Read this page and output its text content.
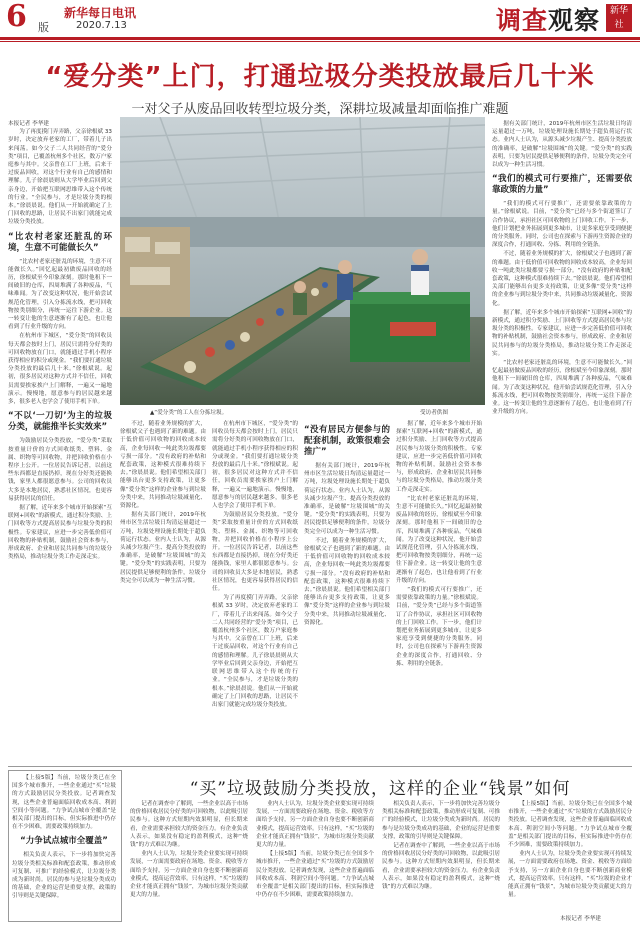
6 版
新华每日电讯
2020.7.13	调查 观察	新华社
“爱分类”上门，打通垃圾分类投放最后几十米
一对父子从废品回收转型垃圾分类，深耕垃圾减量却面临推广难题
本报记者 李华建

为了再度摸门弄弄路，父亲徐根斌 33 岁时，决定放弃老家的工厂，带着儿子出来闯荡。如今父子二人共同经营的“爱分类”项目，已覆盖杭州多个社区，数万户家庭参与其中。父亲曾在工厂上班，后来干过废品回收，对这个行业有自己的感情和理解。儿子徐晨晨则从大学毕业后回到父亲身边，开始把互联网思维带入这个传统的行业。“全民参与，才是垃圾分类的根本。”徐晨晨说。他们从一开始就确定了上门回收的思路，让居民不出家门就能完成垃圾分类投放。

“比农村老家还脏乱的环境，生意不可能做长久”

“比农村老家还脏乱的环境，生意不可能做长久。”回忆起最初做废品回收的经历，徐根斌至今印象深刻。那时他租下一间破旧的仓库，四周堆满了各种废品，气味难闻。为了改变这种状况，他开始尝试规范化管理，引入分拣流水线，把可回收物按类别细分，再统一运往下游企业。这一转变让他的生意逐渐有了起色，也让他看到了行业升级的方向。

在杭州市下城区，“爱分类”的回收员每天都会按时上门，居民只需将分好类的可回收物放在门口，就能通过手机小程序获得相应的积分或现金。“我们要打通垃圾分类投放的最后几十米。”徐根斌说。起初，很多居民对这种方式并不信任，回收员需要挨家挨户上门解释，一遍又一遍地演示。慢慢地，愿意参与的居民越来越多，很多老人也学会了使用手机下单。

“不以‘一刀切’为主的垃圾分类，就能推半长实效来”

为鼓励居民分类投放，“爱分类”采取按重量计价的方式回收纸类、塑料、金属、织物等可回收物，并把回收价格在小程序上公开。一位居民告诉记者，以前这些东西都是直接扔掉，现在分好类还能换钱，家里人都很愿意参与。公司的回收员大多是本地居民，熟悉社区情况，也更容易获得居民的信任。

据了解，近年来多个城市开始探索“互联网+回收”的新模式，通过积分奖励、上门回收等方式提高居民参与垃圾分类的积极性。专家建议，应进一步完善低价值可回收物的补贴机制，鼓励社会资本参与，形成政府、企业和居民共同参与的垃圾分类格局，推动垃圾分类工作走深走实。

▲“爱分类”的工人在分拣垃圾。	受访者供图

不过，随着业务规模的扩大，徐根斌父子也遇到了新的难题。由于低价值可回收物的回收成本较高，企业每回收一吨此类垃圾都要亏损一部分。“没有政府的补贴和配套政策，这种模式很难持续下去。”徐晨晨说。他们希望相关部门能够出台更多支持政策，让更多像“爱分类”这样的企业参与到垃圾分类中来，共同推动垃圾减量化、资源化。

据有关部门统计，2019年杭州市区生活垃圾日均清运量超过一万吨，垃圾处理设施长期处于超负荷运行状态。业内人士认为，从源头减少垃圾产生、提高分类投放的准确率，是破解“垃圾围城”的关键。“爱分类”的实践表明，只要为居民提供足够便利的条件，垃圾分类完全可以成为一种生活习惯。

在杭州市下城区，“爱分类”的回收员每天都会按时上门，居民只需将分好类的可回收物放在门口，就能通过手机小程序获得相应的积分或现金。“我们要打通垃圾分类投放的最后几十米。”徐根斌说。起初，很多居民对这种方式并不信任，回收员需要挨家挨户上门解释，一遍又一遍地演示。慢慢地，愿意参与的居民越来越多，很多老人也学会了使用手机下单。

为鼓励居民分类投放，“爱分类”采取按重量计价的方式回收纸类、塑料、金属、织物等可回收物，并把回收价格在小程序上公开。一位居民告诉记者，以前这些东西都是直接扔掉，现在分好类还能换钱，家里人都很愿意参与。公司的回收员大多是本地居民，熟悉社区情况，也更容易获得居民的信任。

为了再度摸门弄弄路，父亲徐根斌 33 岁时，决定放弃老家的工厂，带着儿子出来闯荡。如今父子二人共同经营的“爱分类”项目，已覆盖杭州多个社区，数万户家庭参与其中。父亲曾在工厂上班，后来干过废品回收，对这个行业有自己的感情和理解。儿子徐晨晨则从大学毕业后回到父亲身边，开始把互联网思维带入这个传统的行业。“全民参与，才是垃圾分类的根本。”徐晨晨说。他们从一开始就确定了上门回收的思路，让居民不出家门就能完成垃圾分类投放。

“没有居民方便参与的配套机制，政策很难会推广”

据有关部门统计，2019年杭州市区生活垃圾日均清运量超过一万吨，垃圾处理设施长期处于超负荷运行状态。业内人士认为，从源头减少垃圾产生、提高分类投放的准确率，是破解“垃圾围城”的关键。“爱分类”的实践表明，只要为居民提供足够便利的条件，垃圾分类完全可以成为一种生活习惯。

不过，随着业务规模的扩大，徐根斌父子也遇到了新的难题。由于低价值可回收物的回收成本较高，企业每回收一吨此类垃圾都要亏损一部分。“没有政府的补贴和配套政策，这种模式很难持续下去。”徐晨晨说。他们希望相关部门能够出台更多支持政策，让更多像“爱分类”这样的企业参与到垃圾分类中来，共同推动垃圾减量化、资源化。

据了解，近年来多个城市开始探索“互联网+回收”的新模式，通过积分奖励、上门回收等方式提高居民参与垃圾分类的积极性。专家建议，应进一步完善低价值可回收物的补贴机制，鼓励社会资本参与，形成政府、企业和居民共同参与的垃圾分类格局，推动垃圾分类工作走深走实。

“比农村老家还脏乱的环境，生意不可能做长久。”回忆起最初做废品回收的经历，徐根斌至今印象深刻。那时他租下一间破旧的仓库，四周堆满了各种废品，气味难闻。为了改变这种状况，他开始尝试规范化管理，引入分拣流水线，把可回收物按类别细分，再统一运往下游企业。这一转变让他的生意逐渐有了起色，也让他看到了行业升级的方向。

“我们的模式可行要推广，还需要依靠政策的力量。”徐根斌说。目前，“爱分类”已经与多个街道签订了合作协议，承担社区可回收物的上门回收工作。下一步，他们计划把业务拓展到更多城市，让更多家庭享受到便捷的分类服务。同时，公司也在探索与下游再生资源企业的深度合作，打通回收、分拣、利用的全链条。

据有关部门统计，2019年杭州市区生活垃圾日均清运量超过一万吨，垃圾处理设施长期处于超负荷运行状态。业内人士认为，从源头减少垃圾产生、提高分类投放的准确率，是破解“垃圾围城”的关键。“爱分类”的实践表明，只要为居民提供足够便利的条件，垃圾分类完全可以成为一种生活习惯。

“我们的模式可行要推广，还需要依靠政策的力量”

“我们的模式可行要推广，还需要依靠政策的力量。”徐根斌说。目前，“爱分类”已经与多个街道签订了合作协议，承担社区可回收物的上门回收工作。下一步，他们计划把业务拓展到更多城市，让更多家庭享受到便捷的分类服务。同时，公司也在探索与下游再生资源企业的深度合作，打通回收、分拣、利用的全链条。

不过，随着业务规模的扩大，徐根斌父子也遇到了新的难题。由于低价值可回收物的回收成本较高，企业每回收一吨此类垃圾都要亏损一部分。“没有政府的补贴和配套政策，这种模式很难持续下去。”徐晨晨说。他们希望相关部门能够出台更多支持政策，让更多像“爱分类”这样的企业参与到垃圾分类中来，共同推动垃圾减量化、资源化。

据了解，近年来多个城市开始探索“互联网+回收”的新模式，通过积分奖励、上门回收等方式提高居民参与垃圾分类的积极性。专家建议，应进一步完善低价值可回收物的补贴机制，鼓励社会资本参与，形成政府、企业和居民共同参与的垃圾分类格局，推动垃圾分类工作走深走实。

“比农村老家还脏乱的环境，生意不可能做长久。”回忆起最初做废品回收的经历，徐根斌至今印象深刻。那时他租下一间破旧的仓库，四周堆满了各种废品，气味难闻。为了改变这种状况，他开始尝试规范化管理，引入分拣流水线，把可回收物按类别细分，再统一运往下游企业。这一转变让他的生意逐渐有了起色，也让他看到了行业升级的方向。

【上接5版】当前，垃圾分类已在全国多个城市推开，一些企业通过“买”垃圾的方式鼓励居民分类投放。记者调查发现，这些企业普遍面临回收成本高、利润空间小等问题。“力争试点城市全覆盖”是相关部门提出的目标，但实际推进中仍存在不少困难，需要政策持续加力。

“力争试点城市全覆盖”

相关负责人表示，下一步将加快完善垃圾分类相关标准和配套政策，推动形成可复制、可推广的经验模式，让垃圾分类成为新时尚。居民的参与是垃圾分类成功的基础，企业的运营是重要支撑，政策的引导则是关键保障。

“买”垃圾鼓励分类投放，这样的企业“钱景”如何

记者在调查中了解到，一些企业以高于市场的价格回收居民分好类的可回收物，以此吸引居民参与。这种方式短期内效果明显，但长期来看，企业需要承担较大的资金压力。有企业负责人表示，如果没有稳定的盈利模式，这种“烧钱”的方式难以为继。

业内人士认为，垃圾分类企业要实现可持续发展，一方面需要政府在场地、资金、税收等方面给予支持，另一方面企业自身也要不断创新商业模式，提高运营效率。只有这样，“买”垃圾的企业才能真正拥有“钱景”，为城市垃圾分类贡献更大的力量。

业内人士认为，垃圾分类企业要实现可持续发展，一方面需要政府在场地、资金、税收等方面给予支持，另一方面企业自身也要不断创新商业模式，提高运营效率。只有这样，“买”垃圾的企业才能真正拥有“钱景”，为城市垃圾分类贡献更大的力量。

【上接5版】当前，垃圾分类已在全国多个城市推开，一些企业通过“买”垃圾的方式鼓励居民分类投放。记者调查发现，这些企业普遍面临回收成本高、利润空间小等问题。“力争试点城市全覆盖”是相关部门提出的目标，但实际推进中仍存在不少困难，需要政策持续加力。

相关负责人表示，下一步将加快完善垃圾分类相关标准和配套政策，推动形成可复制、可推广的经验模式，让垃圾分类成为新时尚。居民的参与是垃圾分类成功的基础，企业的运营是重要支撑，政策的引导则是关键保障。

记者在调查中了解到，一些企业以高于市场的价格回收居民分好类的可回收物，以此吸引居民参与。这种方式短期内效果明显，但长期来看，企业需要承担较大的资金压力。有企业负责人表示，如果没有稳定的盈利模式，这种“烧钱”的方式难以为继。

【上接5版】当前，垃圾分类已在全国多个城市推开，一些企业通过“买”垃圾的方式鼓励居民分类投放。记者调查发现，这些企业普遍面临回收成本高、利润空间小等问题。“力争试点城市全覆盖”是相关部门提出的目标，但实际推进中仍存在不少困难，需要政策持续加力。

业内人士认为，垃圾分类企业要实现可持续发展，一方面需要政府在场地、资金、税收等方面给予支持，另一方面企业自身也要不断创新商业模式，提高运营效率。只有这样，“买”垃圾的企业才能真正拥有“钱景”，为城市垃圾分类贡献更大的力量。

本报记者 李华建
